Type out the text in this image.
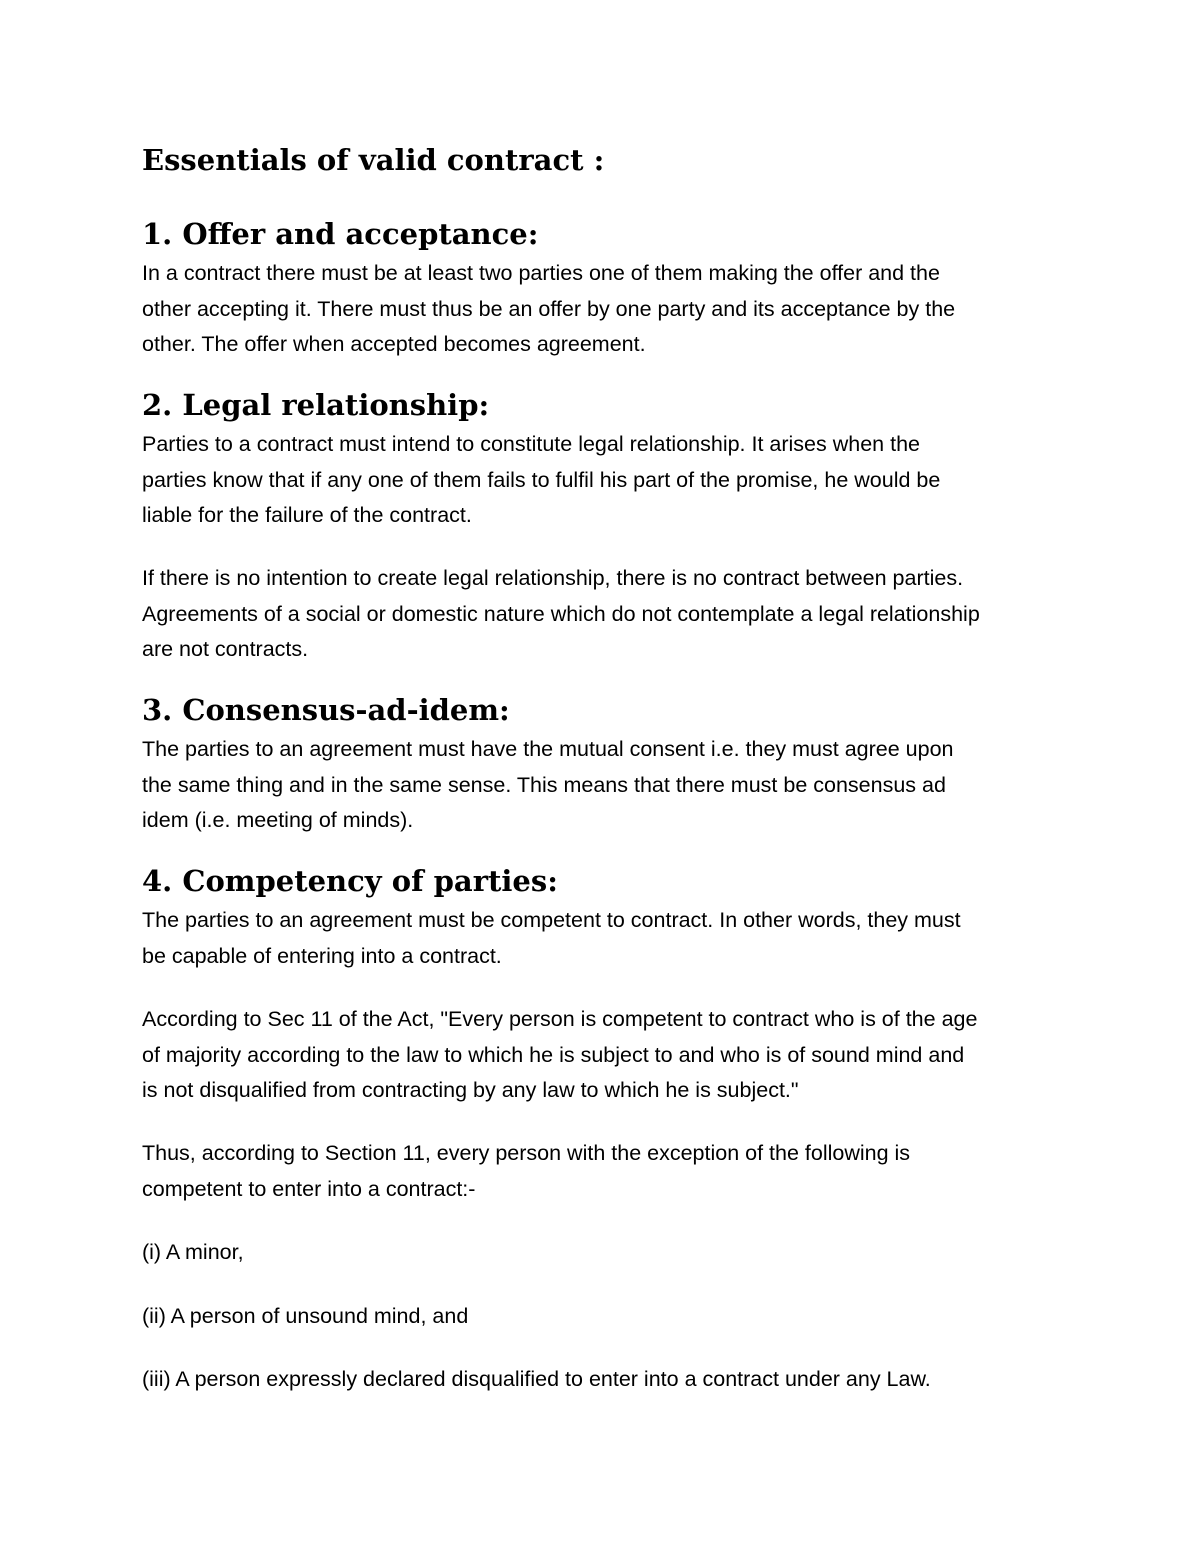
Essentials of valid contract :
1. Offer and acceptance:
In a contract there must be at least two parties one of them making the offer and the
other accepting it. There must thus be an offer by one party and its acceptance by the
other. The offer when accepted becomes agreement.
2. Legal relationship:
Parties to a contract must intend to constitute legal relationship. It arises when the
parties know that if any one of them fails to fulfil his part of the promise, he would be
liable for the failure of the contract.
If there is no intention to create legal relationship, there is no contract between parties.
Agreements of a social or domestic nature which do not contemplate a legal relationship
are not contracts.
3. Consensus-ad-idem:
The parties to an agreement must have the mutual consent i.e. they must agree upon
the same thing and in the same sense. This means that there must be consensus ad
idem (i.e. meeting of minds).
4. Competency of parties:
The parties to an agreement must be competent to contract. In other words, they must
be capable of entering into a contract.
According to Sec 11 of the Act, "Every person is competent to contract who is of the age
of majority according to the law to which he is subject to and who is of sound mind and
is not disqualified from contracting by any law to which he is subject."
Thus, according to Section 11, every person with the exception of the following is
competent to enter into a contract:-
(i) A minor,
(ii) A person of unsound mind, and
(iii) A person expressly declared disqualified to enter into a contract under any Law.
